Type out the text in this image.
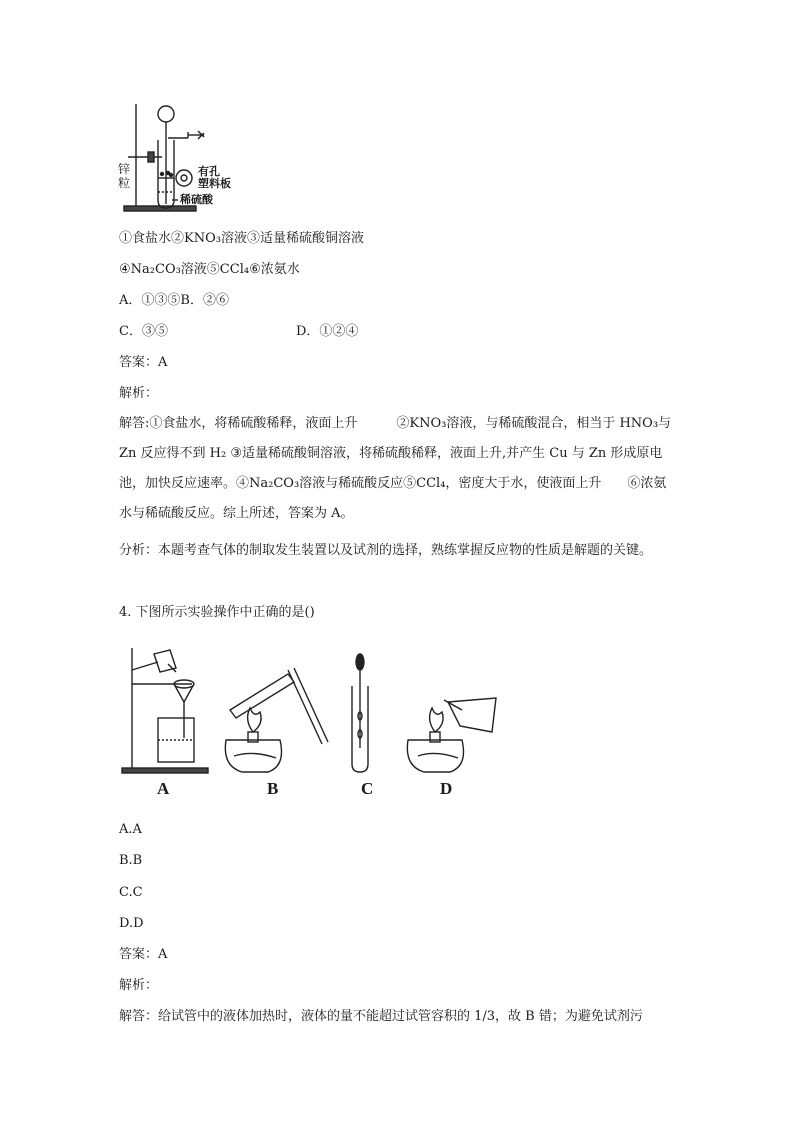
锌粒
有孔
塑料板
稀硫酸

①食盐水②KNO₃溶液③适量稀硫酸铜溶液

④Na₂CO₃溶液⑤CCl₄⑥浓氨水

A．①③⑤B．②⑥

C．③⑤	D．①②④

答案：A

解析：

解答:①食盐水，将稀硫酸稀释，液面上升　　　②KNO₃溶液，与稀硫酸混合，相当于 HNO₃与 Zn 反应得不到 H₂ ③适量稀硫酸铜溶液，将稀硫酸稀释，液面上升,并产生 Cu 与 Zn 形成原电池，加快反应速率。④Na₂CO₃溶液与稀硫酸反应⑤CCl₄，密度大于水，使液面上升　　⑥浓氨水与稀硫酸反应。综上所述，答案为 A。

分析：本题考查气体的制取发生装置以及试剂的选择，熟练掌握反应物的性质是解题的关键。

4. 下图所示实验操作中正确的是()

A	B	C	D

A.A

B.B

C.C

D.D

答案：A

解析：

解答：给试管中的液体加热时，液体的量不能超过试管容积的 1/3，故 B 错；为避免试剂污
